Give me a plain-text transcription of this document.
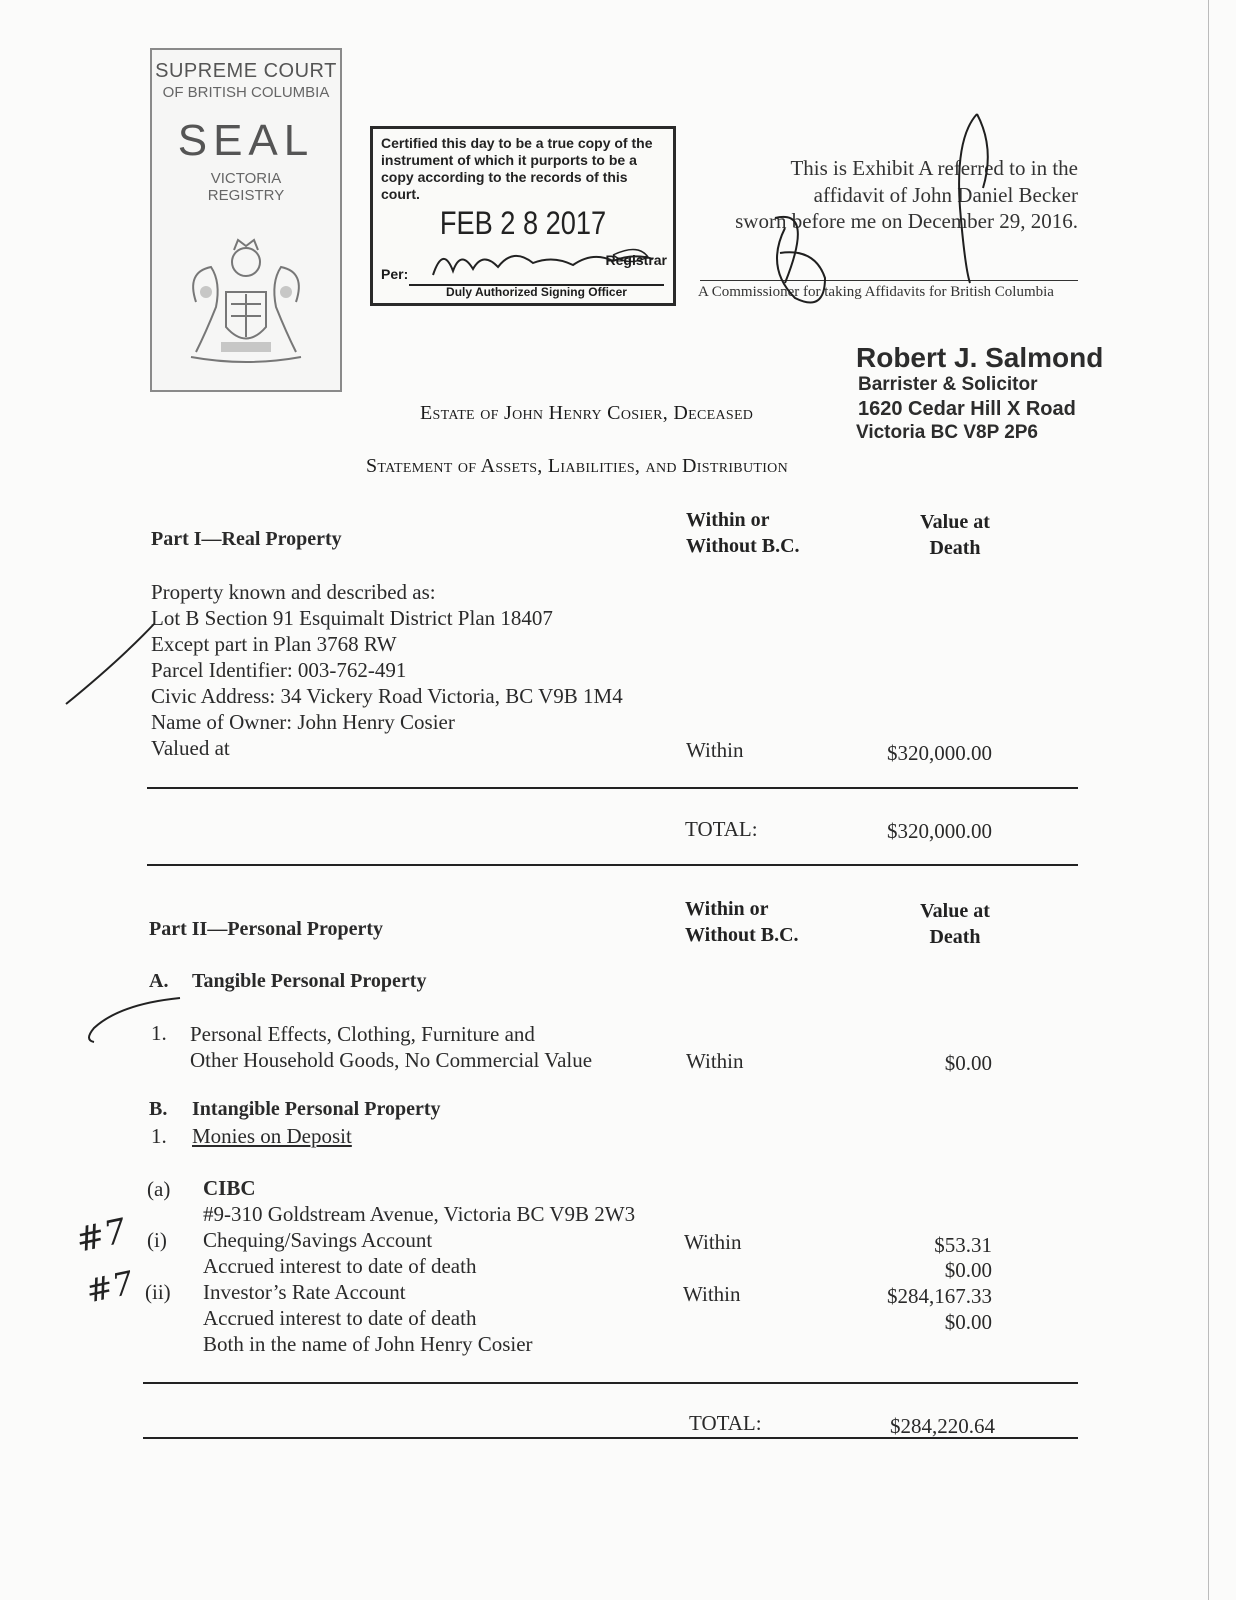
SUPREME COURT
OF BRITISH COLUMBIA
SEAL
VICTORIA
REGISTRY
Certified this day to be a true copy of the instrument of which it purports to be a copy according to the records of this court.
FEB 2 8 2017
Per:
Registrar
Duly Authorized Signing Officer
This is Exhibit A referred to in the
affidavit of John Daniel Becker
sworn before me on December 29, 2016.
A Commissioner for taking Affidavits for British Columbia
Robert J. Salmond
Barrister & Solicitor
1620 Cedar Hill X Road
Victoria BC V8P 2P6
Estate of John Henry Cosier, Deceased
Statement of Assets, Liabilities, and Distribution
Part I—Real Property
Within or
Without B.C.
Value at
Death
Property known and described as:
Lot B Section 91 Esquimalt District Plan 18407
Except part in Plan 3768 RW
Parcel Identifier: 003-762-491
Civic Address: 34 Vickery Road Victoria, BC V9B 1M4
Name of Owner: John Henry Cosier
Valued at	Within	$320,000.00
TOTAL:	$320,000.00
Part II—Personal Property
Within or
Without B.C.
Value at
Death
A. Tangible Personal Property
1. Personal Effects, Clothing, Furniture and
Other Household Goods, No Commercial Value	Within	$0.00
B. Intangible Personal Property
1. Monies on Deposit
(a) CIBC
#9-310 Goldstream Avenue, Victoria BC V9B 2W3
(i) Chequing/Savings Account	Within	$53.31
Accrued interest to date of death	$0.00
(ii) Investor’s Rate Account	Within	$284,167.33
Accrued interest to date of death	$0.00
Both in the name of John Henry Cosier
TOTAL:	$284,220.64
#7
#7
